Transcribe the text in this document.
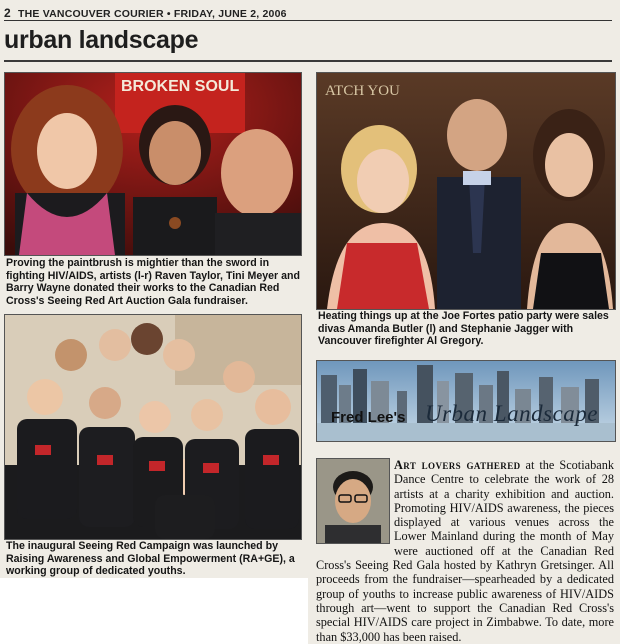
2 THE VANCOUVER COURIER • FRIDAY, JUNE 2, 2006
urban landscape
BROKEN SOUL
Proving the paintbrush is mightier than the sword in fighting HIV/AIDS, artists (l-r) Raven Taylor, Tini Meyer and Barry Wayne donated their works to the Canadian Red Cross's Seeing Red Art Auction Gala fundraiser.
ATCH YOU
Heating things up at the Joe Fortes patio party were sales divas Amanda Butler (l) and Stephanie Jagger with Vancouver firefighter Al Gregory.
The inaugural Seeing Red Campaign was launched by Raising Awareness and Global Empowerment (RA+GE), a working group of dedicated youths.
Fred Lee's Urban Landscape
Art lovers gathered at the Scotiabank Dance Centre to celebrate the work of 28 artists at a charity exhibition and auction. Promoting HIV/AIDS awareness, the pieces displayed at various venues across the Lower Mainland during the month of May were auctioned off at the Canadian Red Cross's Seeing Red Gala hosted by Kathryn Gretsinger. All proceeds from the fundraiser—spearheaded by a dedicated group of youths to increase public awareness of HIV/AIDS through art—went to support the Canadian Red Cross's special HIV/AIDS care project in Zimbabwe. To date, more than $33,000 has been raised.
